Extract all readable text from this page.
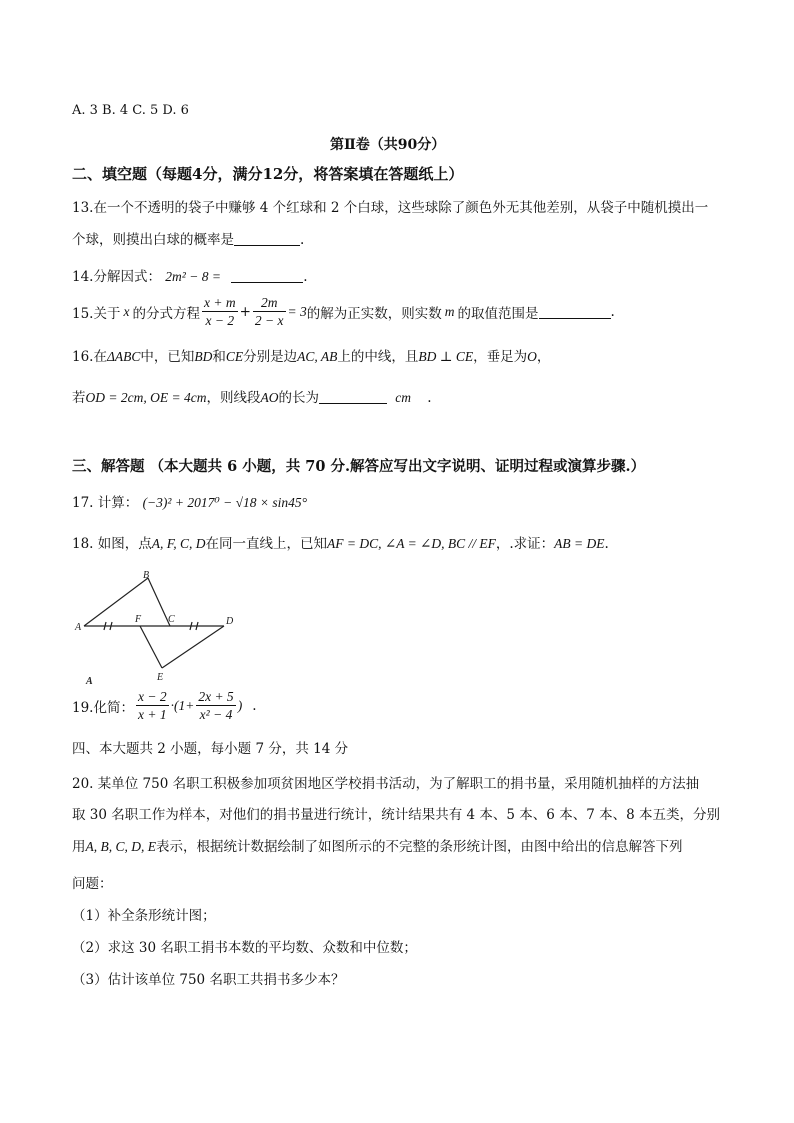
A. 3 B. 4 C. 5 D. 6
第Ⅱ卷（共90分）
二、填空题（每题4分，满分12分，将答案填在答题纸上）
13.在一个不透明的袋子中赚够 4 个红球和 2 个白球，这些球除了颜色外无其他差别，从袋子中随机摸出一
个球，则摸出白球的概率是	.
14.分解因式： 2m² − 8 =	.
15.关于 x 的分式方程 $\frac{x + m}{x - 2} + \frac{2m}{2 - x} = 3$ 的解为正实数，则实数 m 的取值范围是	.
16.在ΔABC中，已知BD和CE分别是边AC, AB上的中线，且BD ⊥ CE，垂足为O，
若OD = 2cm, OE = 4cm，则线段AO的长为	cm .
三、解答题 （本大题共 6 小题，共 70 分.解答应写出文字说明、证明过程或演算步骤.）
17. 计算： (−3)² + 2017⁰ − √18 × sin45°
18. 如图，点A, F, C, D在同一直线上，已知AF = DC, ∠A = ∠D, BC // EF，.求证：AB = DE.
B
A
F	C	D
E
A
19.化简： $\frac{x - 2}{x + 1} \cdot(1+ \frac{2x + 5}{\text{x² − 4}}$ ) .
四、本大题共 2 小题，每小题 7 分，共 14 分
20. 某单位 750 名职工积极参加项贫困地区学校捐书活动，为了解职工的捐书量，采用随机抽样的方法抽
取 30 名职工作为样本，对他们的捐书量进行统计，统计结果共有 4 本、5 本、6 本、7 本、8 本五类，分别
用A, B, C, D, E表示，根据统计数据绘制了如图所示的不完整的条形统计图，由图中给出的信息解答下列
问题：
（1）补全条形统计图；
（2）求这 30 名职工捐书本数的平均数、众数和中位数；
（3）估计该单位 750 名职工共捐书多少本？
